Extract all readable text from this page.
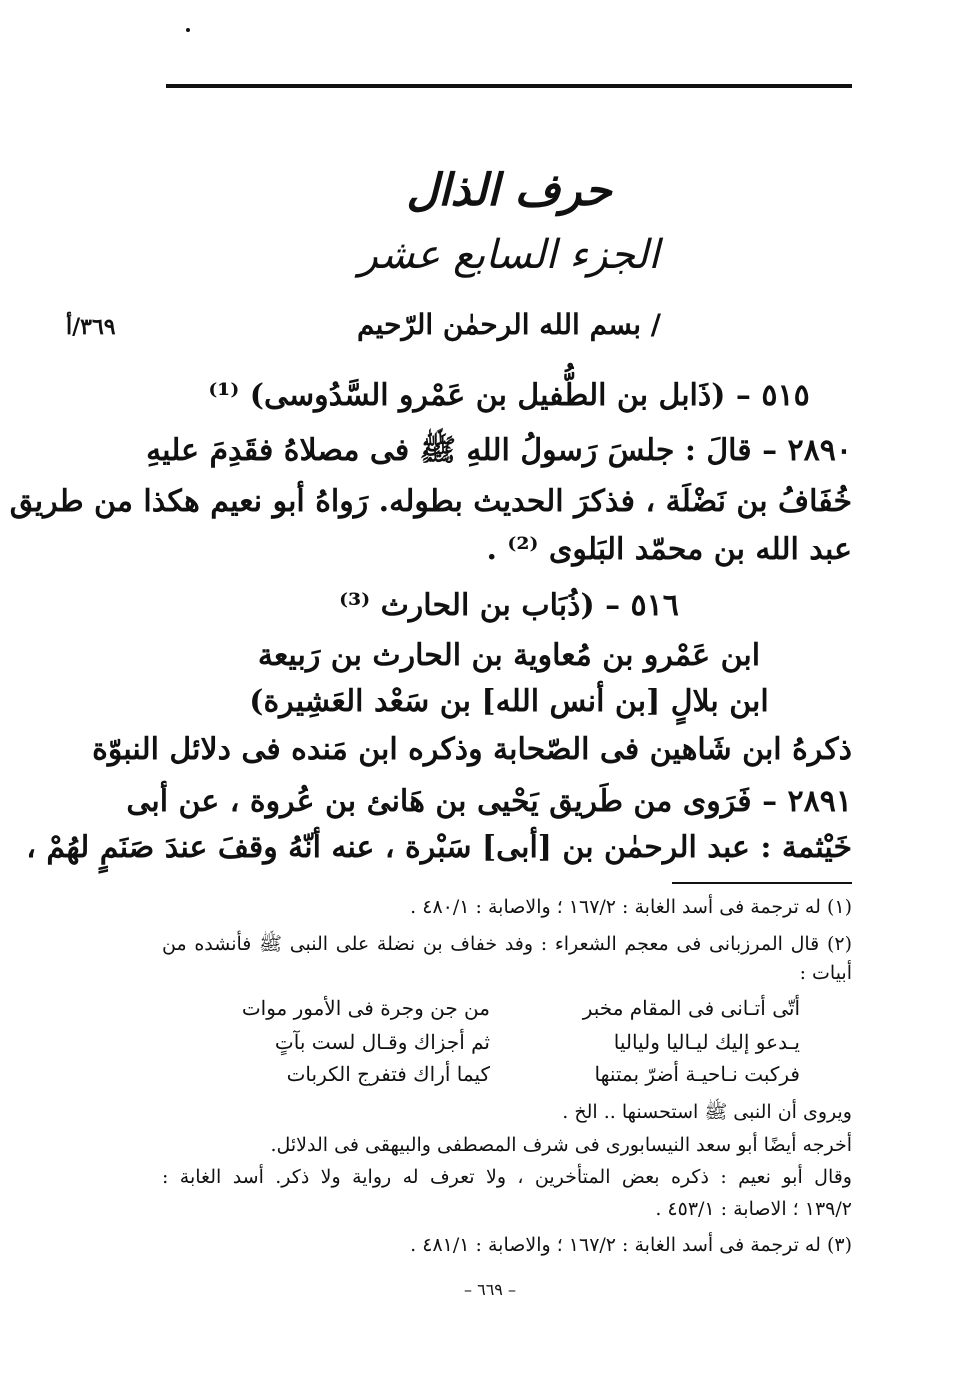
حرف الذال
الجزء السابع عشر
٣٦٩/أ	/ بسم الله الرحمٰن الرّحيم
٥١٥ – (ذَابل بن الطُّفيل بن عَمْرو السَّدُوسى) ⁽¹⁾
٢٨٩٠ – قالَ : جلسَ رَسولُ اللهِ ﷺ فى مصلاهُ فقَدِمَ عليهِ
خُفَافُ بن نَضْلَة ، فذكرَ الحديث بطوله. رَواهُ أبو نعيم هكذا من طريق
عبد الله بن محمّد البَلوى ⁽²⁾ .
٥١٦ – (ذُبَاب بن الحارث ⁽³⁾
ابن عَمْرو بن مُعاوية بن الحارث بن رَبيعة
ابن بلالٍ [بن أنس الله] بن سَعْد العَشِيرة)
ذكرهُ ابن شَاهين فى الصّحابة وذكره ابن مَنده فى دلائل النبوّة
٢٨٩١ – فَرَوى من طَريق يَحْيى بن هَانئ بن عُروة ، عن أبى
خَيْثمة : عبد الرحمٰن بن [أبى] سَبْرة ، عنه أنّهُ وقفَ عندَ صَنَمٍ لهُمْ ،
(١) له ترجمة فى أسد الغابة : ١٦٧/٢ ؛ والاصابة : ٤٨٠/١ .
(٢) قال المرزبانى فى معجم الشعراء : وفد خفاف بن نضلة على النبى ﷺ فأنشده من
أبيات :
أتّى أتـانى فى المقام مخبر
من جن وجرة فى الأمور موات
يـدعو إليك ليـاليا ولياليا
ثم أجزاك وقـال لست بآتٍ
فركبت نـاحيـة أضرّ بمتنها
كيما أراك فتفرج الكربات
ويروى أن النبى ﷺ استحسنها .. الخ .
أخرجه أيضًا أبو سعد النيسابورى فى شرف المصطفى والبيهقى فى الدلائل.
وقال أبو نعيم : ذكره بعض المتأخرين ، ولا تعرف له رواية ولا ذكر. أسد الغابة :
١٣٩/٢ ؛ الاصابة : ٤٥٣/١ .
(٣) له ترجمة فى أسد الغابة : ١٦٧/٢ ؛ والاصابة : ٤٨١/١ .
– ٦٦٩ –
